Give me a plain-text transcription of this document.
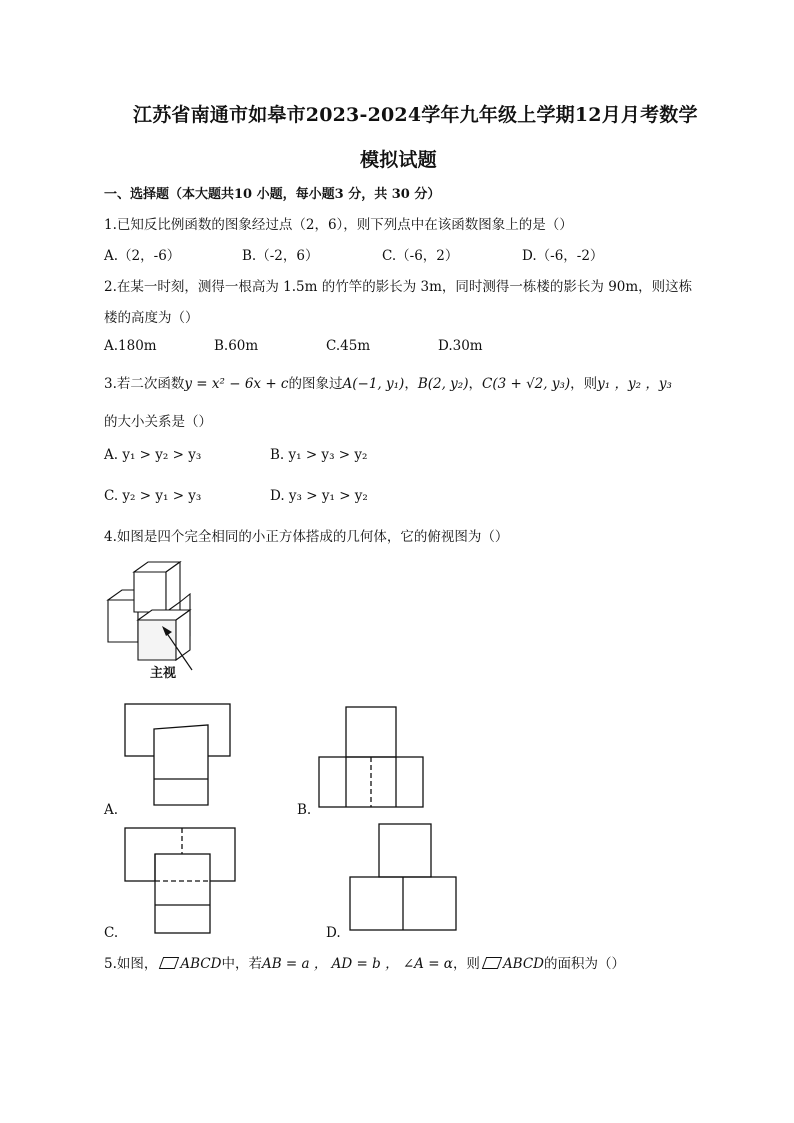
江苏省南通市如皋市2023-2024学年九年级上学期12月月考数学
模拟试题
一、选择题（本大题共10 小题，每小题3 分，共 30 分）
1.已知反比例函数的图象经过点（2，6），则下列点中在该函数图象上的是（）
A.（2，-6）	B.（-2，6）	C.（-6，2）	D.（-6，-2）
2.在某一时刻，测得一根高为 1.5m 的竹竿的影长为 3m，同时测得一栋楼的影长为 90m，则这栋
楼的高度为（）
A.180m	B.60m	C.45m	D.30m
3.若二次函数y = x² − 6x + c的图象过A(−1, y₁)，B(2, y₂)，C(3 + √2, y₃)，则y₁ ，y₂ ，y₃
的大小关系是（）
A. y₁ > y₂ > y₃	B. y₁ > y₃ > y₂
C. y₂ > y₁ > y₃	D. y₃ > y₁ > y₂
4.如图是四个完全相同的小正方体搭成的几何体，它的俯视图为（）
主视
A.	B.
C.	D.
5.如图， ABCD中，若AB = a ， AD = b ， ∠A = α，则 ABCD的面积为（）
